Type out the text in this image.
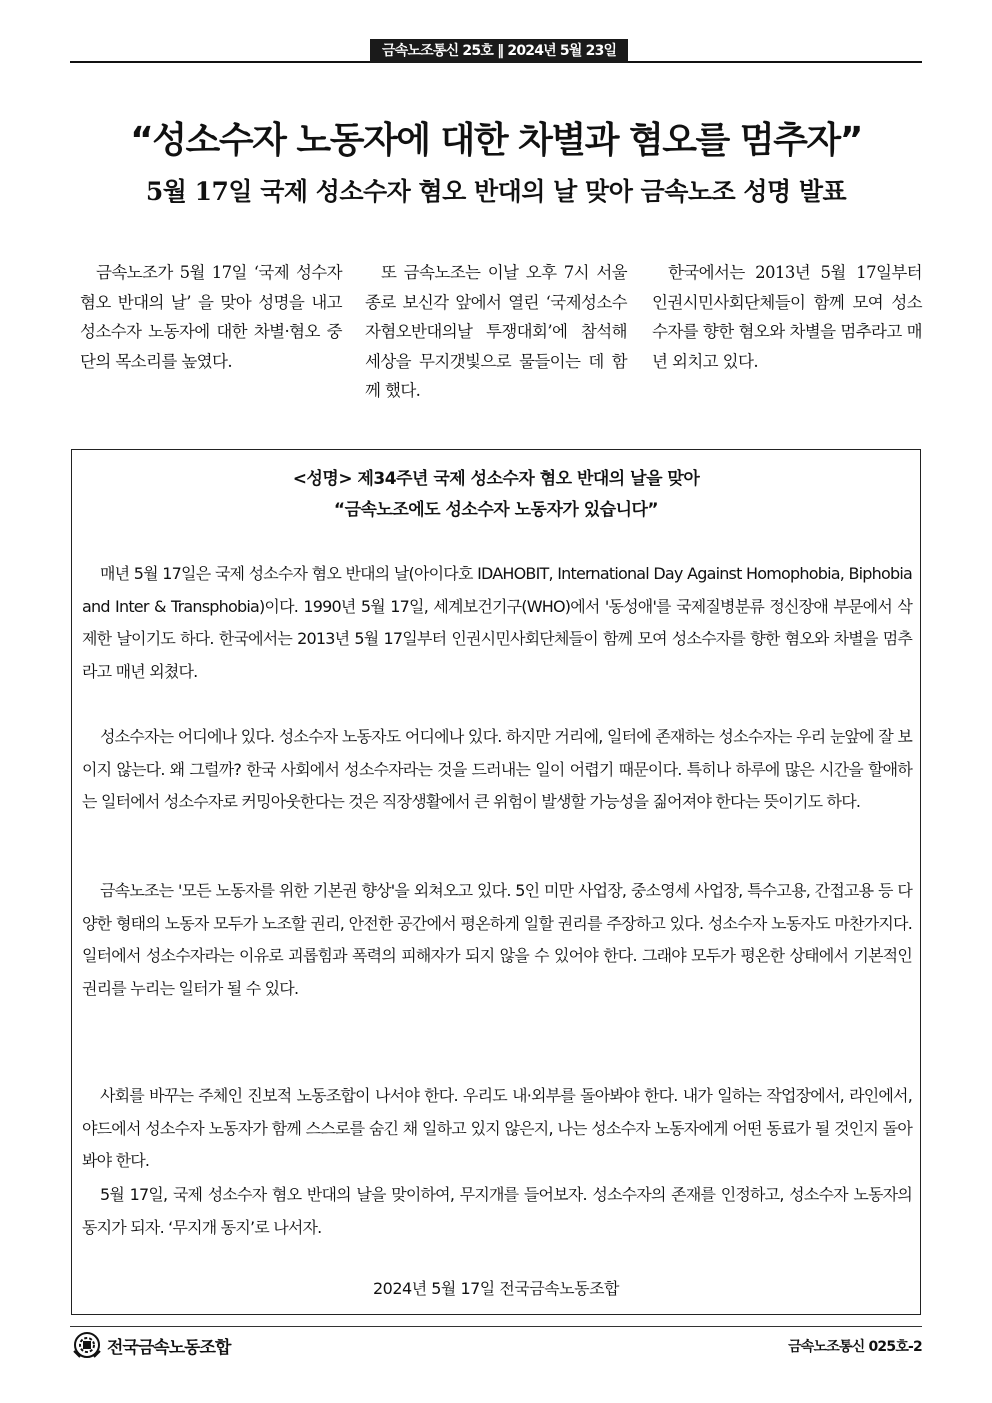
금속노조통신 25호 ‖ 2024년 5월 23일
“성소수자 노동자에 대한 차별과 혐오를 멈추자”
5월 17일 국제 성소수자 혐오 반대의 날 맞아 금속노조 성명 발표
금속노조가 5월 17일 ‘국제 성수자 혐오 반대의 날’ 을 맞아 성명을 내고 성소수자 노동자에 대한 차별·혐오 중단의 목소리를 높였다.
또 금속노조는 이날 오후 7시 서울 종로 보신각 앞에서 열린 ‘국제성소수자혐오반대의날 투쟁대회’에 참석해 세상을 무지갯빛으로 물들이는 데 함께 했다.
한국에서는 2013년 5월 17일부터 인권시민사회단체들이 함께 모여 성소수자를 향한 혐오와 차별을 멈추라고 매년 외치고 있다.
<성명> 제34주년 국제 성소수자 혐오 반대의 날을 맞아
“금속노조에도 성소수자 노동자가 있습니다”

매년 5월 17일은 국제 성소수자 혐오 반대의 날(아이다호 IDAHOBIT, International Day Against Homophobia, Biphobia and Inter & Transphobia)이다. 1990년 5월 17일, 세계보건기구(WHO)에서 '동성애'를 국제질병분류 정신장애 부문에서 삭제한 날이기도 하다. 한국에서는 2013년 5월 17일부터 인권시민사회단체들이 함께 모여 성소수자를 향한 혐오와 차별을 멈추라고 매년 외쳤다.

성소수자는 어디에나 있다. 성소수자 노동자도 어디에나 있다. 하지만 거리에, 일터에 존재하는 성소수자는 우리 눈앞에 잘 보이지 않는다. 왜 그럴까? 한국 사회에서 성소수자라는 것을 드러내는 일이 어렵기 때문이다. 특히나 하루에 많은 시간을 할애하는 일터에서 성소수자로 커밍아웃한다는 것은 직장생활에서 큰 위험이 발생할 가능성을 짊어져야 한다는 뜻이기도 하다.

금속노조는 '모든 노동자를 위한 기본권 향상'을 외쳐오고 있다. 5인 미만 사업장, 중소영세 사업장, 특수고용, 간접고용 등 다양한 형태의 노동자 모두가 노조할 권리, 안전한 공간에서 평온하게 일할 권리를 주장하고 있다. 성소수자 노동자도 마찬가지다. 일터에서 성소수자라는 이유로 괴롭힘과 폭력의 피해자가 되지 않을 수 있어야 한다. 그래야 모두가 평온한 상태에서 기본적인 권리를 누리는 일터가 될 수 있다.

사회를 바꾸는 주체인 진보적 노동조합이 나서야 한다. 우리도 내·외부를 돌아봐야 한다. 내가 일하는 작업장에서, 라인에서, 야드에서 성소수자 노동자가 함께 스스로를 숨긴 채 일하고 있지 않은지, 나는 성소수자 노동자에게 어떤 동료가 될 것인지 돌아봐야 한다.

5월 17일, 국제 성소수자 혐오 반대의 날을 맞이하여, 무지개를 들어보자. 성소수자의 존재를 인정하고, 성소수자 노동자의 동지가 되자. ‘무지개 동지’로 나서자.

2024년 5월 17일 전국금속노동조합
전국금속노동조합	금속노조통신 025호-2
